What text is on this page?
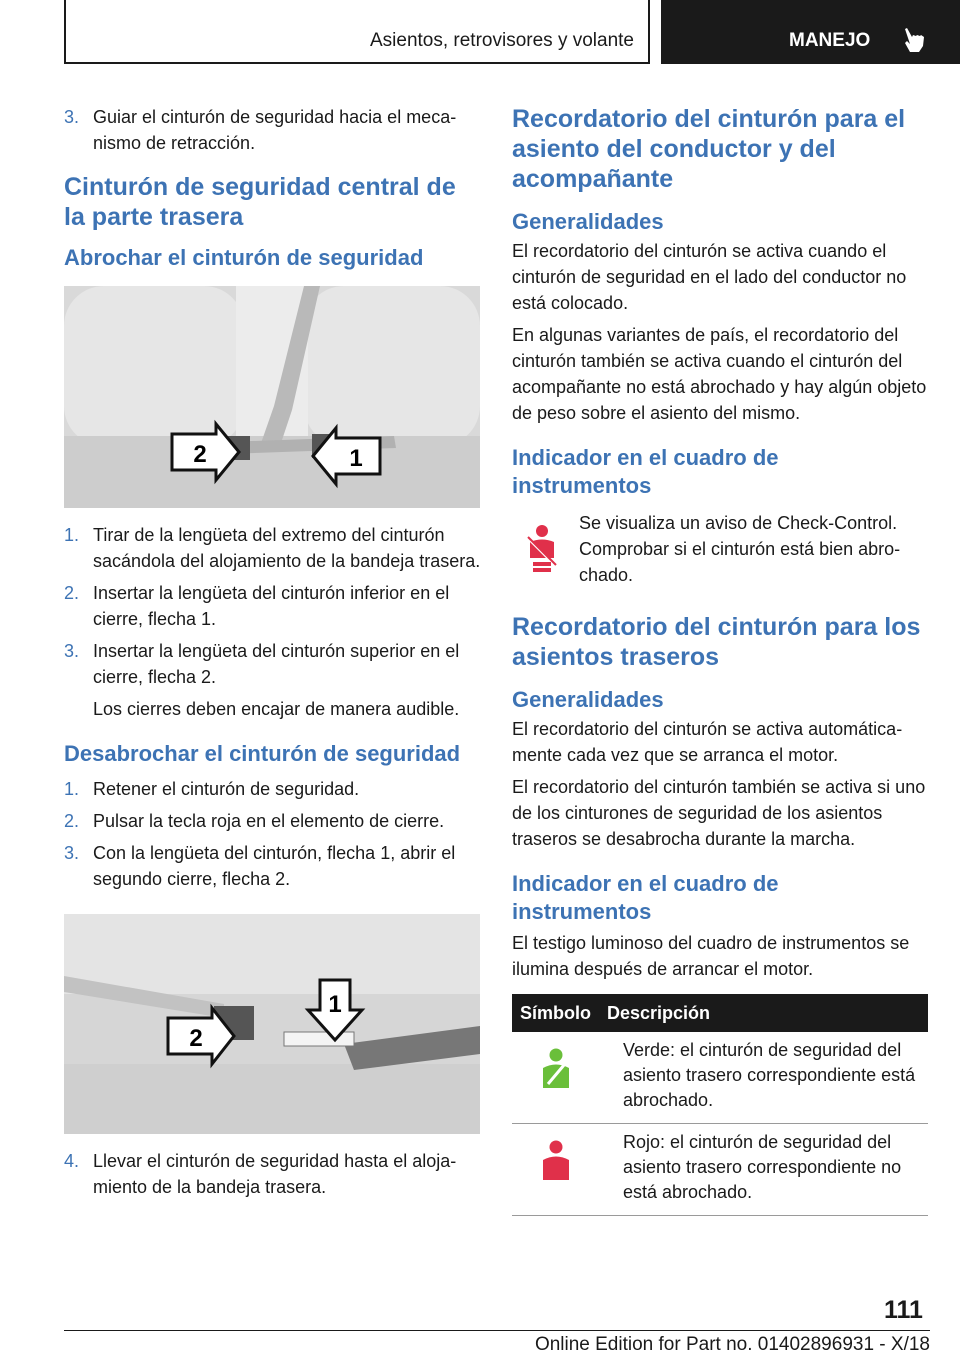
Asientos, retrovisores y volante	MANEJO
3. Guiar el cinturón de seguridad hacia el mecanismo de retracción.
Cinturón de seguridad central de la parte trasera
Abrochar el cinturón de seguridad
2	1
1. Tirar de la lengüeta del extremo del cinturón sacándola del alojamiento de la bandeja trasera.
2. Insertar la lengüeta del cinturón inferior en el cierre, flecha 1.
3. Insertar la lengüeta del cinturón superior en el cierre, flecha 2.

Los cierres deben encajar de manera audible.

Desabrochar el cinturón de seguridad
1. Retener el cinturón de seguridad.
2. Pulsar la tecla roja en el elemento de cierre.
3. Con la lengüeta del cinturón, flecha 1, abrir el segundo cierre, flecha 2.
1
2
4. Llevar el cinturón de seguridad hasta el alojamiento de la bandeja trasera.
Recordatorio del cinturón para el asiento del conductor y del acompañante
Generalidades

El recordatorio del cinturón se activa cuando el cinturón de seguridad en el lado del conductor no está colocado.

En algunas variantes de país, el recordatorio del cinturón también se activa cuando el cinturón del acompañante no está abrochado y hay algún objeto de peso sobre el asiento del mismo.

Indicador en el cuadro de instrumentos

Se visualiza un aviso de Check-Control. Comprobar si el cinturón está bien abrochado.

Recordatorio del cinturón para los asientos traseros
Generalidades

El recordatorio del cinturón se activa automáticamente cada vez que se arranca el motor.

El recordatorio del cinturón también se activa si uno de los cinturones de seguridad de los asientos traseros se desabrocha durante la marcha.

Indicador en el cuadro de instrumentos

El testigo luminoso del cuadro de instrumentos se ilumina después de arrancar el motor.

Símbolo	Descripción
	Verde: el cinturón de seguridad del asiento trasero correspondiente está abrochado.
	Rojo: el cinturón de seguridad del asiento trasero correspondiente no está abrochado.
111
Online Edition for Part no. 01402896931 - X/18
